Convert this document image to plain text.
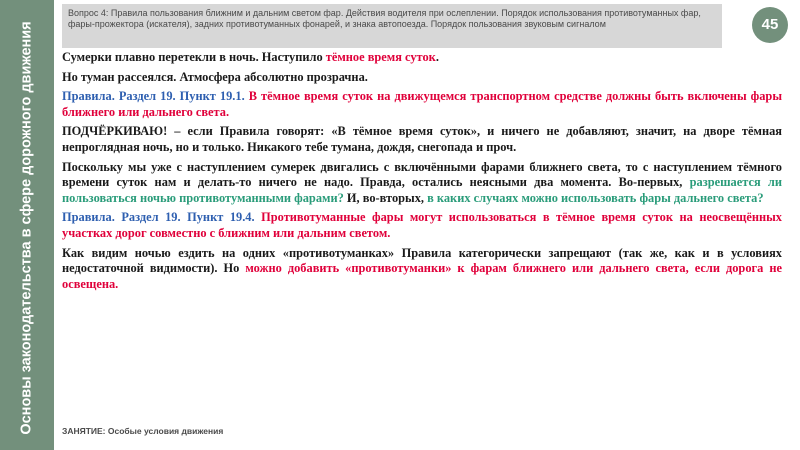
Основы законодательства в сфере дорожного движения
Вопрос 4: Правила пользования ближним и дальним светом фар. Действия водителя при ослеплении. Порядок использования противотуманных фар, фары-прожектора (искателя), задних противотуманных фонарей, и знака автопоезда. Порядок пользования звуковым сигналом	45

Сумерки плавно перетекли в ночь. Наступило тёмное время суток.

Но туман рассеялся. Атмосфера абсолютно прозрачна.

Правила. Раздел 19. Пункт 19.1. В тёмное время суток на движущемся транспортном средстве должны быть включены фары ближнего или дальнего света.

ПОДЧЁРКИВАЮ! – если Правила говорят: «В тёмное время суток», и ничего не добавляют, значит, на дворе тёмная непроглядная ночь, но и только. Никакого тебе тумана, дождя, снегопада и проч.

Поскольку мы уже с наступлением сумерек двигались с включёнными фарами ближнего света, то с наступлением тёмного времени суток нам и делать-то ничего не надо. Правда, остались неясными два момента. Во-первых, разрешается ли пользоваться ночью противотуманными фарами? И, во-вторых, в каких случаях можно использовать фары дальнего света?

Правила. Раздел 19. Пункт 19.4. Противотуманные фары могут использоваться в тёмное время суток на неосвещённых участках дорог совместно с ближним или дальним светом.

Как видим ночью ездить на одних «противотуманках» Правила категорически запрещают (так же, как и в условиях недостаточной видимости). Но можно добавить «противотуманки» к фарам ближнего или дальнего света, если дорога не освещена.

ЗАНЯТИЕ: Особые условия движения
